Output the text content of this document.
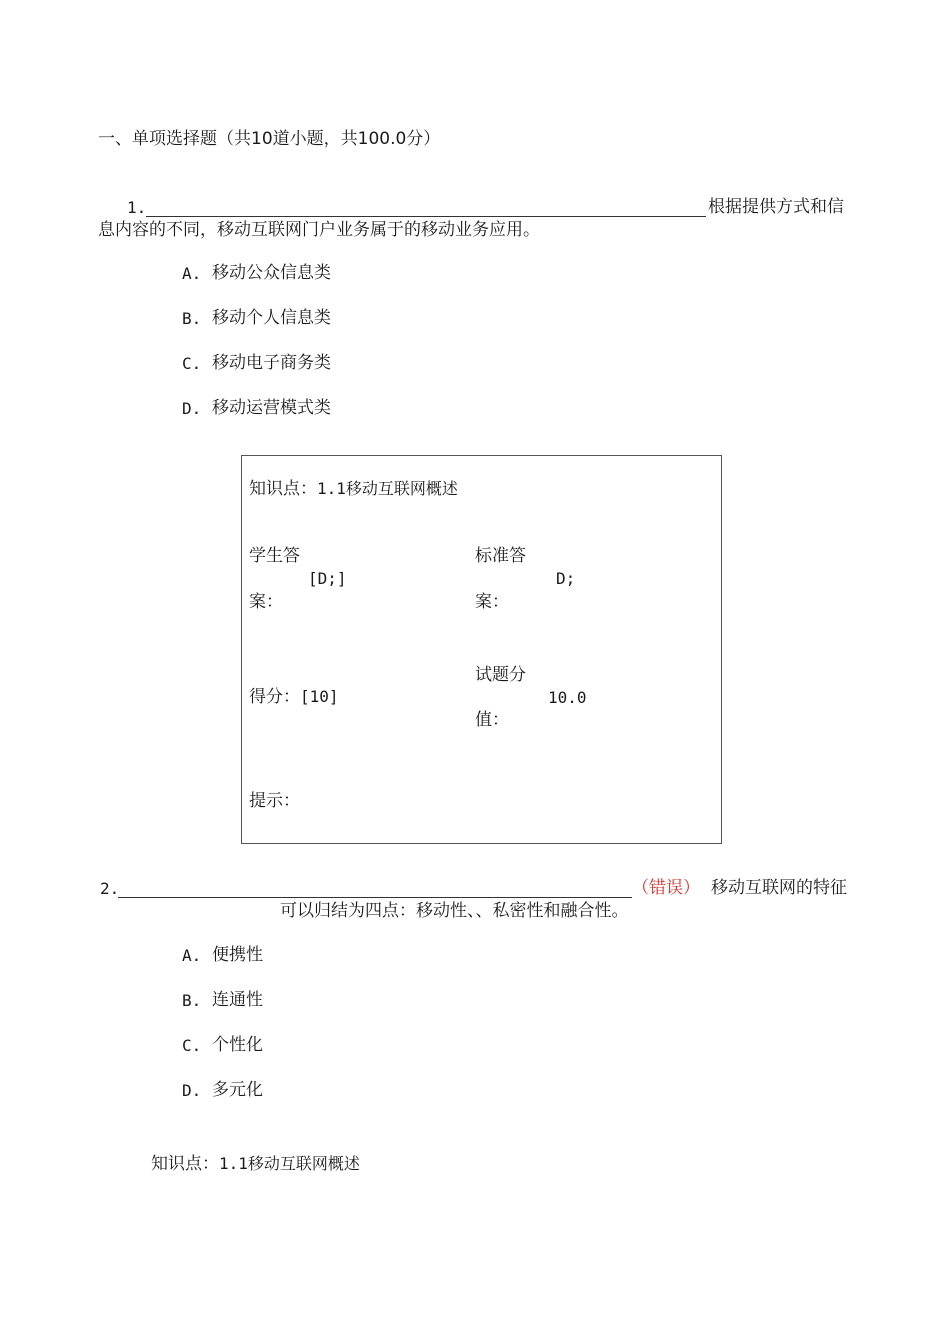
一、单项选择题（共10道小题，共100.0分）
1.	根据提供方式和信
息内容的不同，移动互联网门户业务属于的移动业务应用。
A. 移动公众信息类
B. 移动个人信息类
C. 移动电子商务类
D. 移动运营模式类
知识点：1.1移动互联网概述
学生答
[D;]
案：
标准答
D;
案：
得分：[10]
试题分
10.0
值：
提示：
2.	（错误） 移动互联网的特征
可以归结为四点：移动性、、私密性和融合性。
A. 便携性
B. 连通性
C. 个性化
D. 多元化
知识点：1.1移动互联网概述
